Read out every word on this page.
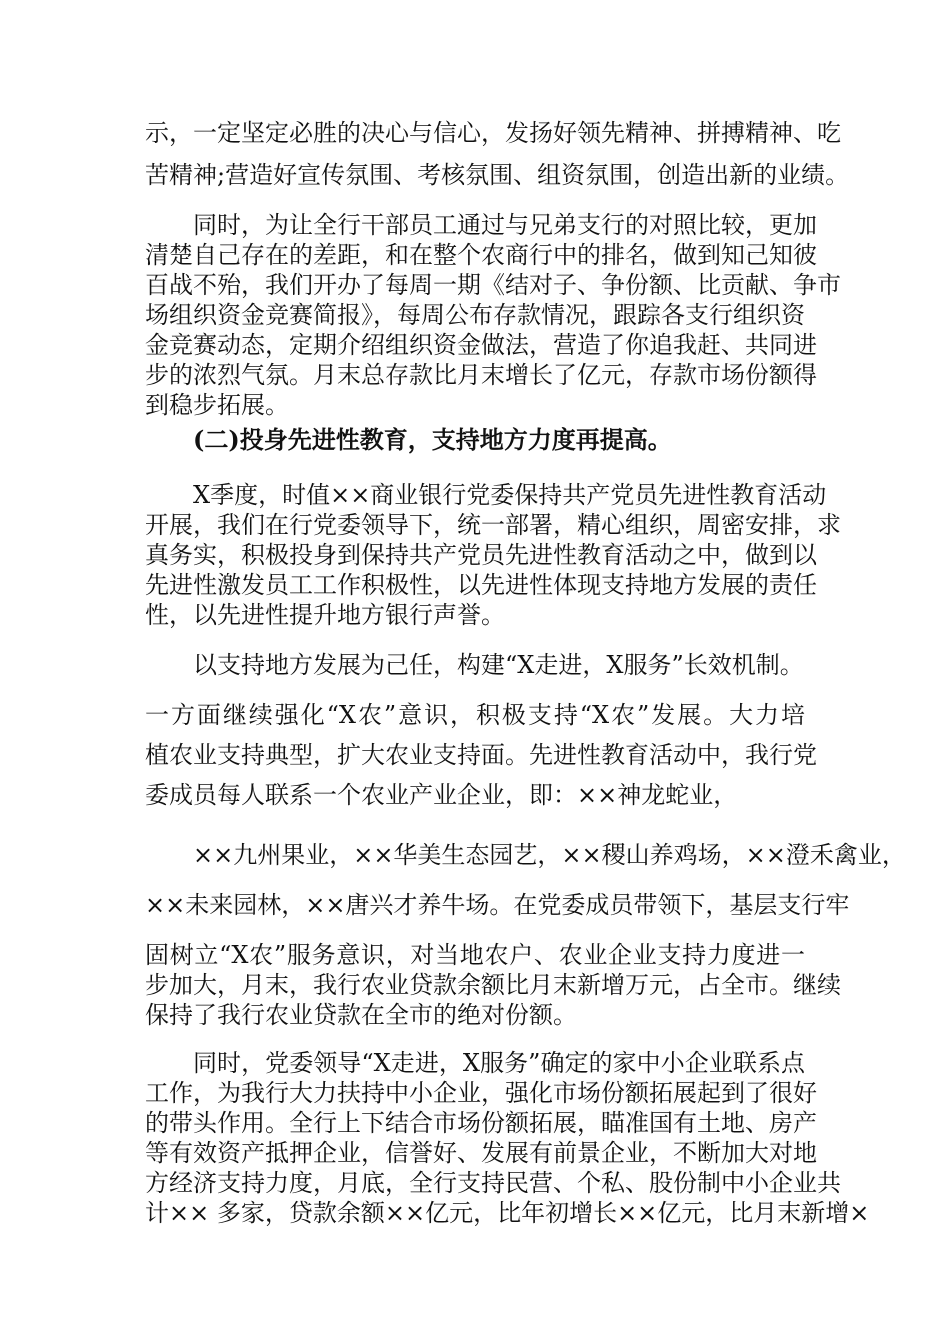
示，一定坚定必胜的决心与信心，发扬好领先精神、拼搏精神、吃
苦精神;营造好宣传氛围、考核氛围、组资氛围，创造出新的业绩。
同时，为让全行干部员工通过与兄弟支行的对照比较，更加
清楚自己存在的差距，和在整个农商行中的排名，做到知己知彼
百战不殆，我们开办了每周一期《结对子、争份额、比贡献、争市
场组织资金竞赛简报》，每周公布存款情况，跟踪各支行组织资
金竞赛动态，定期介绍组织资金做法，营造了你追我赶、共同进
步的浓烈气氛。月末总存款比月末增长了亿元，存款市场份额得
到稳步拓展。
(二)投身先进性教育，支持地方力度再提高。
X季度，时值××商业银行党委保持共产党员先进性教育活动
开展，我们在行党委领导下，统一部署，精心组织，周密安排，求
真务实，积极投身到保持共产党员先进性教育活动之中，做到以
先进性激发员工工作积极性，以先进性体现支持地方发展的责任
性，以先进性提升地方银行声誉。
以支持地方发展为己任，构建“X走进，X服务”长效机制。
一方面继续强化“X农”意识，积极支持“X农”发展。大力培
植农业支持典型，扩大农业支持面。先进性教育活动中，我行党
委成员每人联系一个农业产业企业，即：××神龙蛇业，
××九州果业，××华美生态园艺，××稷山养鸡场，××澄禾禽业，
××未来园林，××唐兴才养牛场。在党委成员带领下，基层支行牢
固树立“X农”服务意识，对当地农户、农业企业支持力度进一
步加大，月末，我行农业贷款余额比月末新增万元，占全市。继续
保持了我行农业贷款在全市的绝对份额。
同时，党委领导“X走进，X服务”确定的家中小企业联系点
工作，为我行大力扶持中小企业，强化市场份额拓展起到了很好
的带头作用。全行上下结合市场份额拓展，瞄准国有土地、房产
等有效资产抵押企业，信誉好、发展有前景企业，不断加大对地
方经济支持力度，月底，全行支持民营、个私、股份制中小企业共
计×× 多家，贷款余额××亿元，比年初增长××亿元，比月末新增×
